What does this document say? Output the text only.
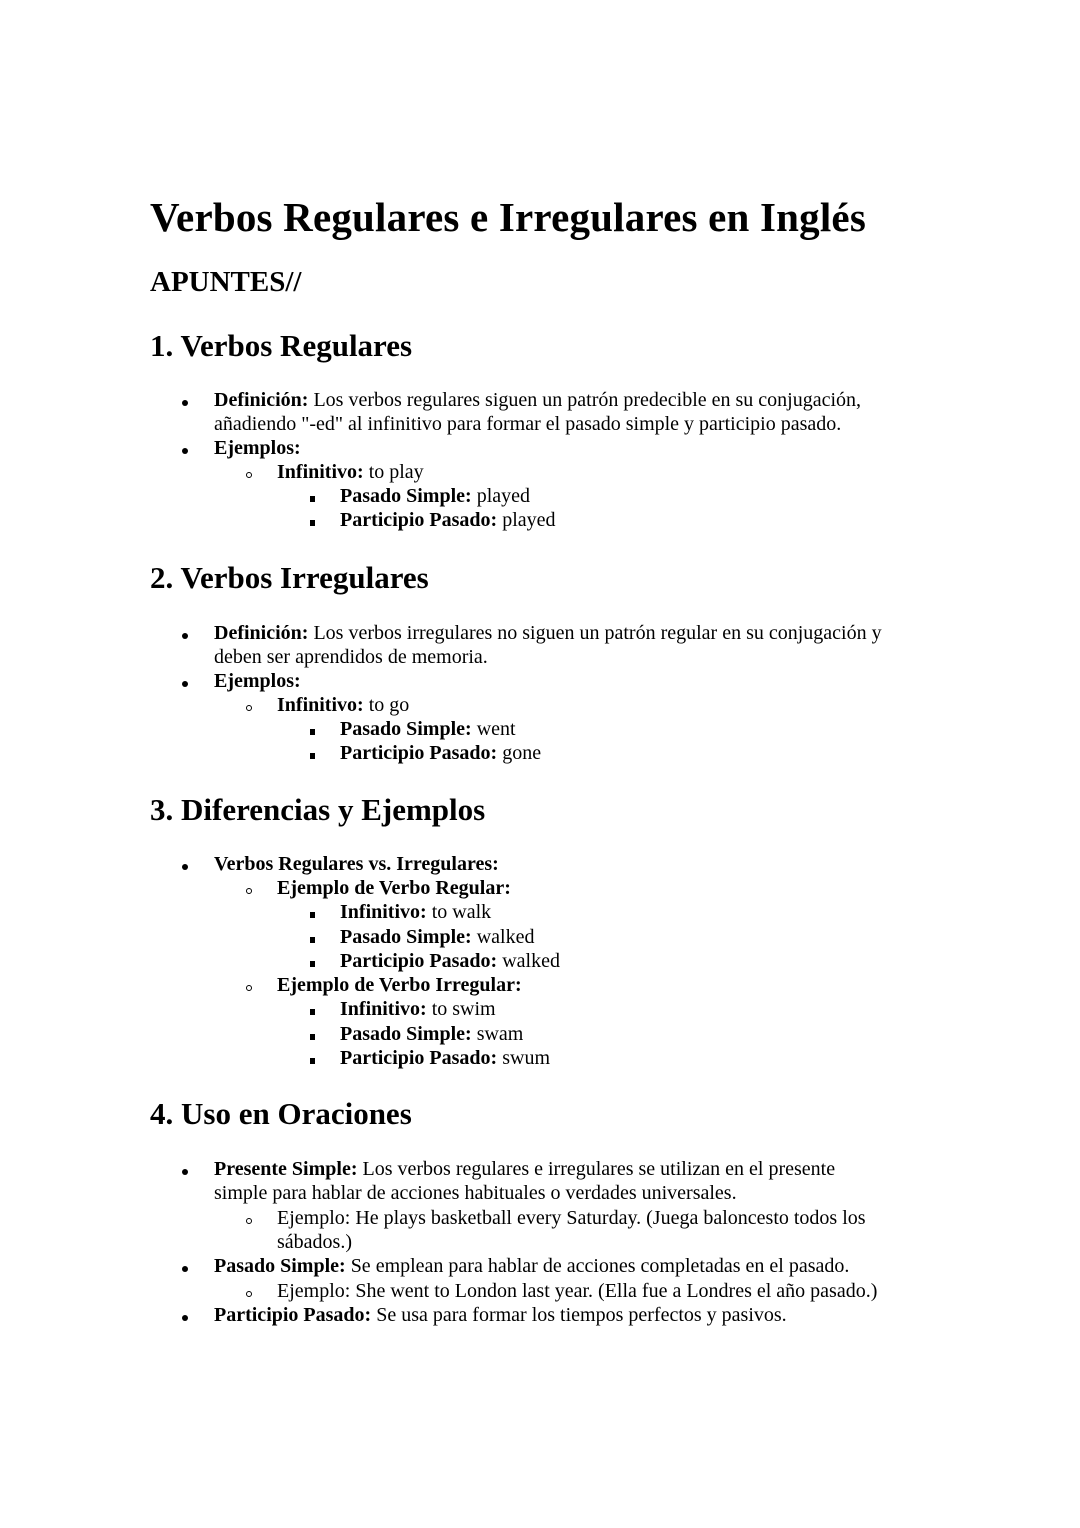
Verbos Regulares e Irregulares en Inglés
APUNTES//
1. Verbos Regulares
Definición: Los verbos regulares siguen un patrón predecible en su conjugación,
añadiendo "-ed" al infinitivo para formar el pasado simple y participio pasado.
Ejemplos:
Infinitivo: to play
Pasado Simple: played
Participio Pasado: played
2. Verbos Irregulares
Definición: Los verbos irregulares no siguen un patrón regular en su conjugación y
deben ser aprendidos de memoria.
Ejemplos:
Infinitivo: to go
Pasado Simple: went
Participio Pasado: gone
3. Diferencias y Ejemplos
Verbos Regulares vs. Irregulares:
Ejemplo de Verbo Regular:
Infinitivo: to walk
Pasado Simple: walked
Participio Pasado: walked
Ejemplo de Verbo Irregular:
Infinitivo: to swim
Pasado Simple: swam
Participio Pasado: swum
4. Uso en Oraciones
Presente Simple: Los verbos regulares e irregulares se utilizan en el presente
simple para hablar de acciones habituales o verdades universales.
Ejemplo: He plays basketball every Saturday. (Juega baloncesto todos los
sábados.)
Pasado Simple: Se emplean para hablar de acciones completadas en el pasado.
Ejemplo: She went to London last year. (Ella fue a Londres el año pasado.)
Participio Pasado: Se usa para formar los tiempos perfectos y pasivos.
